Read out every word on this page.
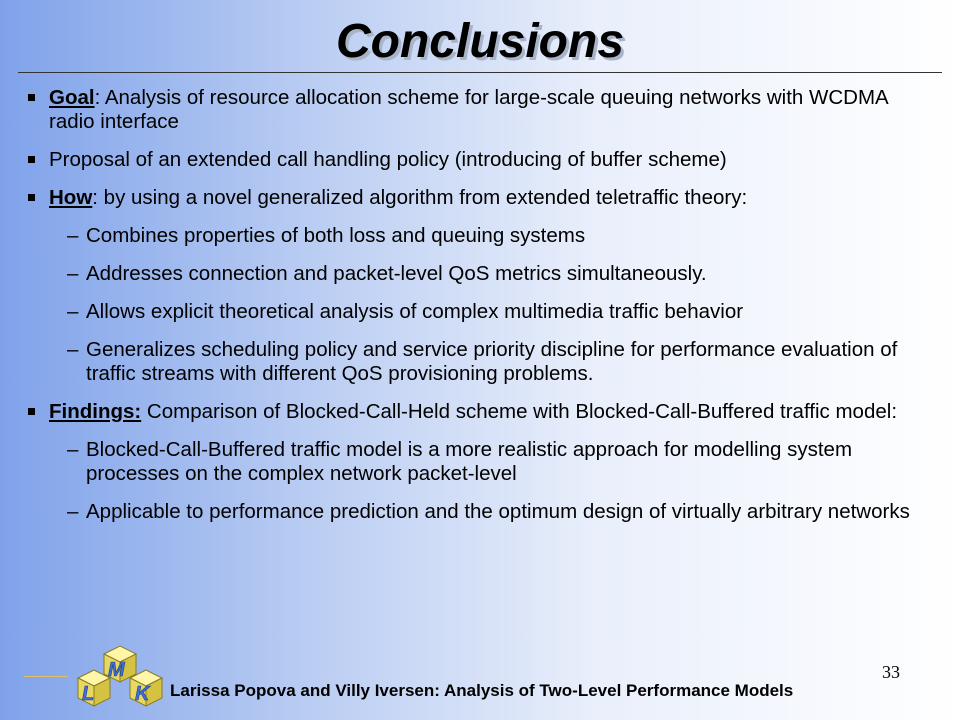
Conclusions
Goal: Analysis of resource allocation scheme for large-scale queuing networks with WCDMA radio interface
Proposal of an extended call handling policy (introducing of buffer scheme)
How: by using a novel generalized algorithm from extended teletraffic theory:
– Combines properties of both loss and queuing systems
– Addresses connection and packet-level QoS metrics simultaneously.
– Allows explicit theoretical analysis of complex multimedia traffic behavior
– Generalizes scheduling policy and service priority discipline for performance evaluation of traffic streams with different QoS provisioning problems.
Findings: Comparison of Blocked-Call-Held scheme with Blocked-Call-Buffered traffic model:
– Blocked-Call-Buffered traffic model is a more realistic approach for modelling system processes on the complex network packet-level
– Applicable to performance prediction and the optimum design of virtually arbitrary networks
L
M
K Larissa Popova and Villy Iversen: Analysis of Two-Level Performance Models
33
